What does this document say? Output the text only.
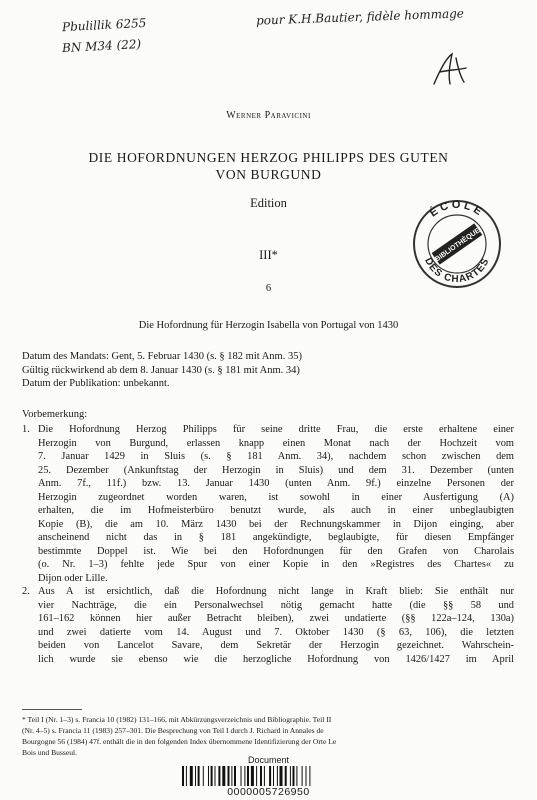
Pbulillik 6255
BN M34 (22)
pour K.H.Bautier, fidèle hommage
ÉCOLE
DES CHARTES
BIBLIOTHÈQUE
Werner Paravicini
DIE HOFORDNUNGEN HERZOG PHILIPPS DES GUTEN
VON BURGUND
Edition
III*
6
Die Hofordnung für Herzogin Isabella von Portugal von 1430
Datum des Mandats: Gent, 5. Februar 1430 (s. § 182 mit Anm. 35)
Gültig rückwirkend ab dem 8. Januar 1430 (s. § 181 mit Anm. 34)
Datum der Publikation: unbekannt.
Vorbemerkung:
1. Die Hofordnung Herzog Philipps für seine dritte Frau, die erste erhaltene einer
Herzogin von Burgund, erlassen knapp einen Monat nach der Hochzeit vom
7. Januar 1429 in Sluis (s. § 181 Anm. 34), nachdem schon zwischen dem
25. Dezember (Ankunftstag der Herzogin in Sluis) und dem 31. Dezember (unten
Anm. 7f., 11f.) bzw. 13. Januar 1430 (unten Anm. 9f.) einzelne Personen der
Herzogin zugeordnet worden waren, ist sowohl in einer Ausfertigung (A)
erhalten, die im Hofmeisterbüro benutzt wurde, als auch in einer unbeglaubigten
Kopie (B), die am 10. März 1430 bei der Rechnungskammer in Dijon einging, aber
anscheinend nicht das in § 181 angekündigte, beglaubigte, für diesen Empfänger
bestimmte Doppel ist. Wie bei den Hofordnungen für den Grafen von Charolais
(o. Nr. 1–3) fehlte jede Spur von einer Kopie in den »Registres des Chartes« zu
Dijon oder Lille.
2. Aus A ist ersichtlich, daß die Hofordnung nicht lange in Kraft blieb: Sie enthält nur
vier Nachträge, die ein Personalwechsel nötig gemacht hatte (die §§ 58 und
161–162 können hier außer Betracht bleiben), zwei undatierte (§§ 122a–124, 130a)
und zwei datierte vom 14. August und 7. Oktober 1430 (§ 63, 106), die letzten
beiden von Lancelot Savare, dem Sekretär der Herzogin gezeichnet. Wahrschein-
lich wurde sie ebenso wie die herzogliche Hofordnung von 1426/1427 im April
* Teil I (Nr. 1–3) s. Francia 10 (1982) 131–166, mit Abkürzungsverzeichnis und Bibliographie. Teil II
(Nr. 4–5) s. Francia 11 (1983) 257–301. Die Besprechung von Teil I durch J. Richard in Annales de
Bourgogne 56 (1984) 47f. enthält die in den folgenden Index übernommene Identifizierung der Orte Le
Bois und Busseul.
Document
0000005726950
